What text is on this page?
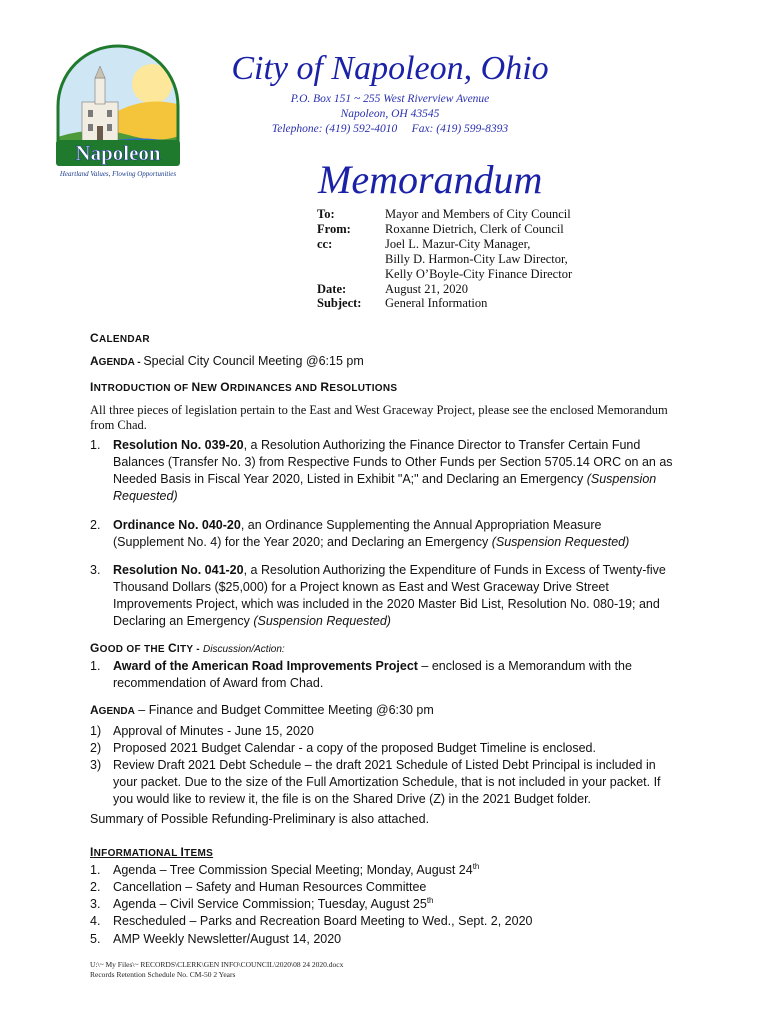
Napoleon
Heartland Values, Flowing Opportunities
City of Napoleon, Ohio
P.O. Box 151 ~ 255 West Riverview Avenue
Napoleon, OH 43545
Telephone: (419) 592-4010     Fax: (419) 599-8393
Memorandum
To:	Mayor and Members of City Council
From:	Roxanne Dietrich, Clerk of Council
cc:	Joel L. Mazur-City Manager,
Billy D. Harmon-City Law Director,
Kelly O’Boyle-City Finance Director
Date:	August 21, 2020
Subject: General Information
CALENDAR
AGENDA - Special City Council Meeting @6:15 pm
INTRODUCTION OF NEW ORDINANCES AND RESOLUTIONS
All three pieces of legislation pertain to the East and West Graceway Project, please see the enclosed Memorandum
from Chad.
1. Resolution No. 039-20, a Resolution Authorizing the Finance Director to Transfer Certain Fund
Balances (Transfer No. 3) from Respective Funds to Other Funds per Section 5705.14 ORC on an as
Needed Basis in Fiscal Year 2020, Listed in Exhibit "A;" and Declaring an Emergency (Suspension
Requested)
2. Ordinance No. 040-20, an Ordinance Supplementing the Annual Appropriation Measure
(Supplement No. 4) for the Year 2020; and Declaring an Emergency (Suspension Requested)
3. Resolution No. 041-20, a Resolution Authorizing the Expenditure of Funds in Excess of Twenty-five
Thousand Dollars ($25,000) for a Project known as East and West Graceway Drive Street
Improvements Project, which was included in the 2020 Master Bid List, Resolution No. 080-19; and
Declaring an Emergency (Suspension Requested)
GOOD OF THE CITY - Discussion/Action:
1. Award of the American Road Improvements Project – enclosed is a Memorandum with the
recommendation of Award from Chad.
AGENDA – Finance and Budget Committee Meeting @6:30 pm
1) Approval of Minutes - June 15, 2020
2) Proposed 2021 Budget Calendar - a copy of the proposed Budget Timeline is enclosed.
3) Review Draft 2021 Debt Schedule – the draft 2021 Schedule of Listed Debt Principal is included in
your packet. Due to the size of the Full Amortization Schedule, that is not included in your packet. If
you would like to review it, the file is on the Shared Drive (Z) in the 2021 Budget folder.
Summary of Possible Refunding-Preliminary is also attached.
INFORMATIONAL ITEMS
1. Agenda – Tree Commission Special Meeting; Monday, August 24th
2. Cancellation – Safety and Human Resources Committee
3. Agenda – Civil Service Commission; Tuesday, August 25th
4. Rescheduled – Parks and Recreation Board Meeting to Wed., Sept. 2, 2020
5. AMP Weekly Newsletter/August 14, 2020
U:\~ My Files\~ RECORDS\CLERK\GEN INFO\COUNCIL\2020\08 24 2020.docx
Records Retention Schedule No. CM-50 2 Years
